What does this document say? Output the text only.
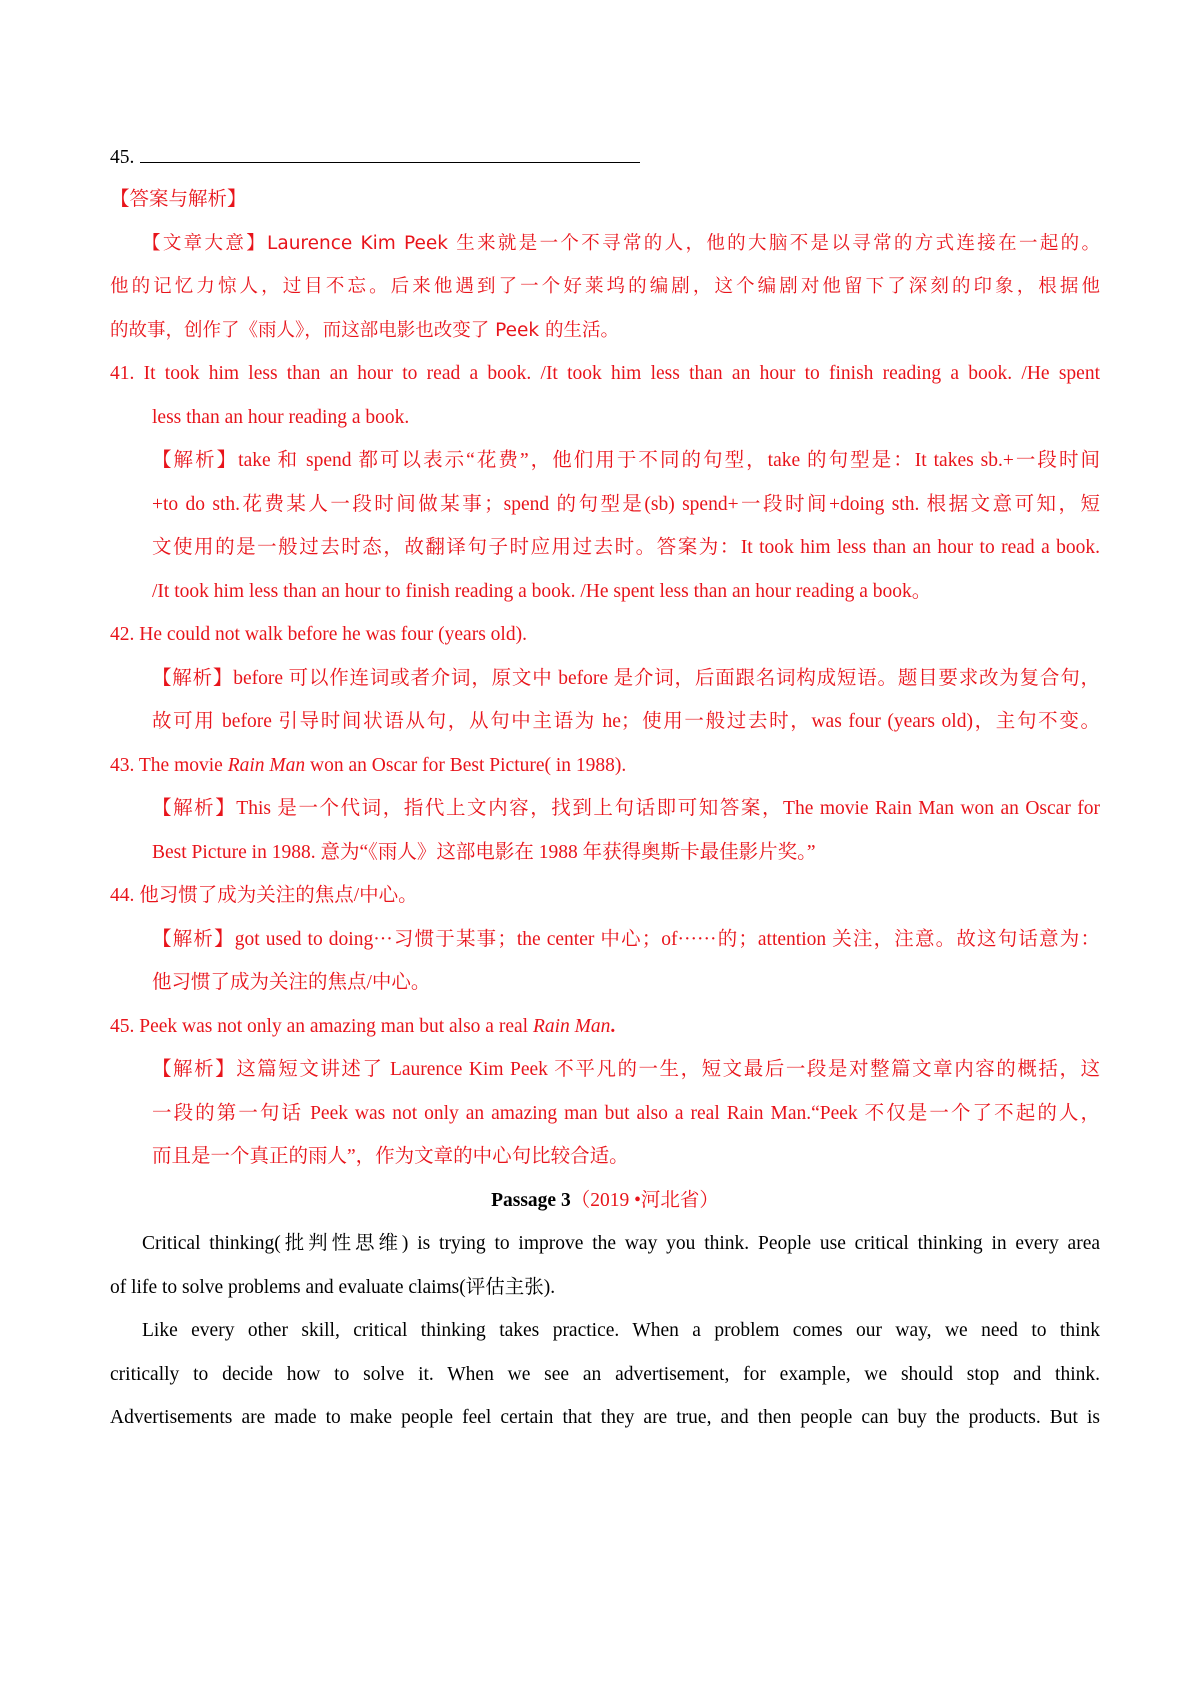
45.
【答案与解析】
【文章大意】Laurence Kim Peek 生来就是一个不寻常的人，他的大脑不是以寻常的方式连接在一起的。
他的记忆力惊人，过目不忘。后来他遇到了一个好莱坞的编剧，这个编剧对他留下了深刻的印象，根据他
的故事，创作了《雨人》，而这部电影也改变了 Peek 的生活。
41. It took him less than an hour to read a book. /It took him less than an hour to finish reading a book. /He spent
less than an hour reading a book.
【解析】take 和 spend 都可以表示“花费”，他们用于不同的句型，take 的句型是：It takes sb.+一段时间
+to do sth.花费某人一段时间做某事；spend 的句型是(sb) spend+一段时间+doing sth. 根据文意可知，短
文使用的是一般过去时态，故翻译句子时应用过去时。答案为：It took him less than an hour to read a book.
/It took him less than an hour to finish reading a book. /He spent less than an hour reading a book。
42. He could not walk before he was four (years old).
【解析】before 可以作连词或者介词，原文中 before 是介词，后面跟名词构成短语。题目要求改为复合句，
故可用 before 引导时间状语从句，从句中主语为 he；使用一般过去时，was four (years old)，主句不变。
43. The movie Rain Man won an Oscar for Best Picture( in 1988).
【解析】This 是一个代词，指代上文内容，找到上句话即可知答案，The movie Rain Man won an Oscar for
Best Picture in 1988. 意为“《雨人》这部电影在 1988 年获得奥斯卡最佳影片奖。”
44. 他习惯了成为关注的焦点/中心。
【解析】got used to doing···习惯于某事；the center 中心；of······的；attention 关注，注意。故这句话意为：
他习惯了成为关注的焦点/中心。
45. Peek was not only an amazing man but also a real Rain Man.
【解析】这篇短文讲述了 Laurence Kim Peek 不平凡的一生，短文最后一段是对整篇文章内容的概括，这
一段的第一句话 Peek was not only an amazing man but also a real Rain Man.“Peek 不仅是一个了不起的人，
而且是一个真正的雨人”，作为文章的中心句比较合适。
Passage 3（2019 •河北省）
Critical thinking(批判性思维) is trying to improve the way you think. People use critical thinking in every area
of life to solve problems and evaluate claims(评估主张).
Like every other skill, critical thinking takes practice. When a problem comes our way, we need to think
critically to decide how to solve it. When we see an advertisement, for example, we should stop and think.
Advertisements are made to make people feel certain that they are true, and then people can buy the products. But is
